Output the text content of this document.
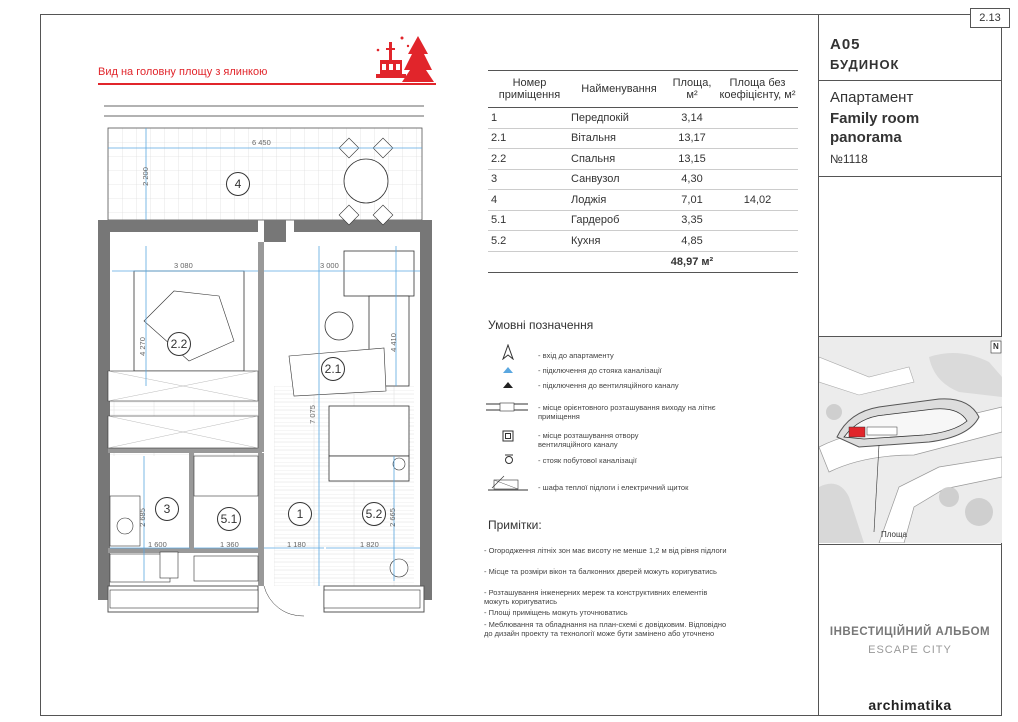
2.13
А05
БУДИНОК
Апартамент
Family room
panorama
№1118
N
Площа
ІНВЕСТИЦІЙНИЙ АЛЬБОМ
ESCAPE CITY
archimatika
Вид на головну площу з ялинкою
4
2.2
2.1
3
5.1	1	5.2
6 450
2 200
3 080	3 000
4 270	4 410
7 075
2 685	2 665
1 600	1 360	1 180	1 820
Номер приміщення	Найменування	Площа, м²	Площа без коефіцієнту, м²
1	Передпокій	3,14	
2.1	Вітальня	13,17	
2.2	Спальня	13,15	
3	Санвузол	4,30	
4	Лоджія	7,01	14,02
5.1	Гардероб	3,35	
5.2	Кухня	4,85	
		48,97 м²	
Умовні позначення
- вхід до апартаменту
- підключення до стояка каналізації
- підключення до вентиляційного каналу
- місце орієнтовного розташування виходу на літнє приміщення
- місце розташування отвору вентиляційного каналу
- стояк побутової каналізації
- шафа теплої підлоги і електричний щиток
Примітки:
- Огородження літніх зон має висоту не менше 1,2 м від рівня підлоги
- Місце та розміри вікон та балконних дверей можуть коригуватись
- Розташування інженерних мереж та конструктивних елементів можуть коригуватись
- Площі приміщень можуть уточнюватись
- Меблювання та обладнання на план-схемі є довідковим. Відповідно до дизайн проекту та технології може бути замінено або уточнено
